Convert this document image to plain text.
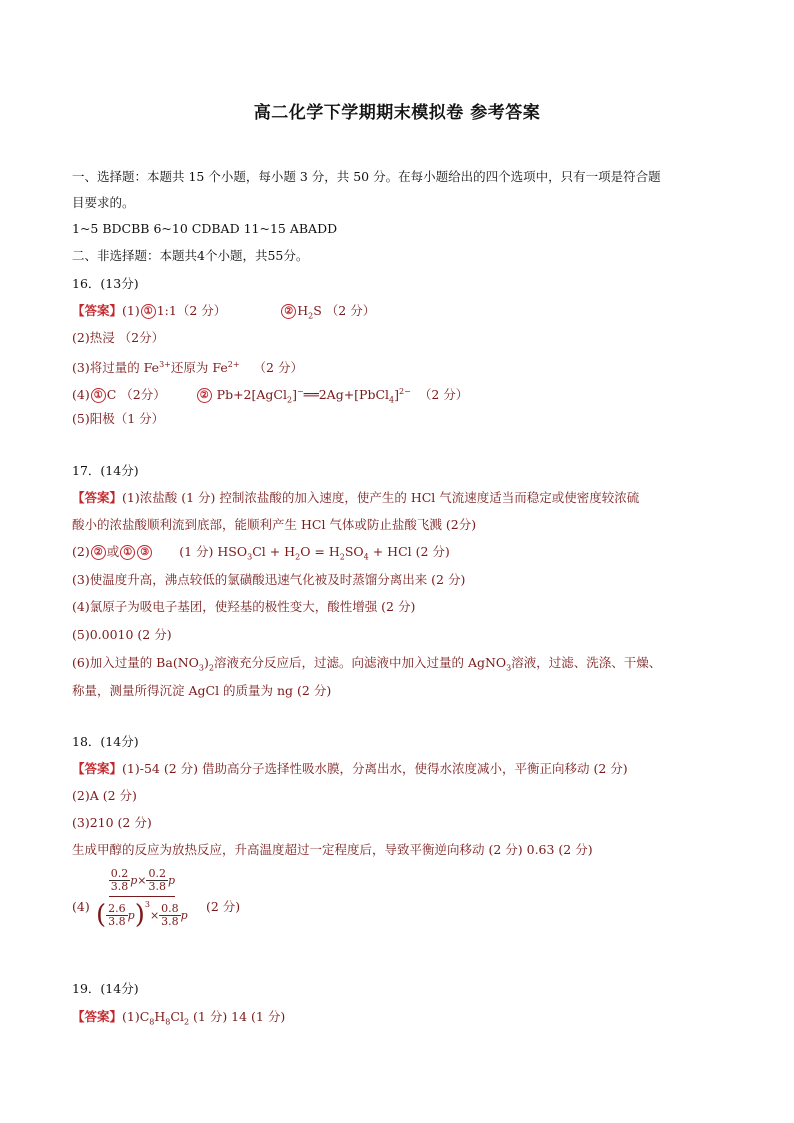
高二化学下学期期末模拟卷 参考答案
一、选择题：本题共 15 个小题，每小题 3 分，共 50 分。在每小题给出的四个选项中，只有一项是符合题
目要求的。
1~5 BDCBB 6~10 CDBAD 11~15 ABADD
二、非选择题：本题共4个小题，共55分。
16．(13分)
【答案】(1) ① 1:1（2 分）	② $H_2S$ （2 分）
(2)热浸 （2分）
(3)将过量的 $Fe^{3+}$还原为 $Fe^{2+}$ （2 分）
(4) ① C （2分）	② Pb+2[AgCl$_2$]−══2Ag+[PbCl$_4$]$^{2-}$ （2 分）
(5)阳极（1 分）
17．(14分)
【答案】(1)浓盐酸 (1 分) 控制浓盐酸的加入速度，使产生的 HCl 气流速度适当而稳定或使密度较浓硫
酸小的浓盐酸顺利流到底部，能顺利产生 HCl 气体或防止盐酸飞溅 (2分)
(2) ② 或 ① ③ (1 分) $HSO_3Cl + H_2O = H_2SO_4$ + HCl (2 分)
(3)使温度升高，沸点较低的氯磺酸迅速气化被及时蒸馏分离出来 (2 分)
(4)氯原子为吸电子基团，使羟基的极性变大，酸性增强 (2 分)
(5)0.0010 (2 分)
(6)加入过量的 $Ba(NO_3)_2$溶液充分反应后，过滤。向滤液中加入过量的 AgNO$_3$溶液，过滤、洗涤、干燥、
称量，测量所得沉淀 AgCl 的质量为 ng (2 分)
18．(14分)
【答案】(1)-54 (2 分) 借助高分子选择性吸水膜，分离出水，使得水浓度减小，平衡正向移动 (2 分)
(2)A (2 分)
(3)210 (2 分)
生成甲醇的反应为放热反应，升高温度超过一定程度后，导致平衡逆向移动 (2 分) 0.63 (2 分)
(4)
$\frac{0.2}{3.8}$ $p \times \frac{0.2}{3.8}$ p
( $\frac{2.6}{3.8}$ p )$^3$
× $\frac{0.8}{3.8}$ p
(2 分)
19．(14分)
【答案】$(1)C_8H_8Cl_2$ (1 分) 14 (1 分)
